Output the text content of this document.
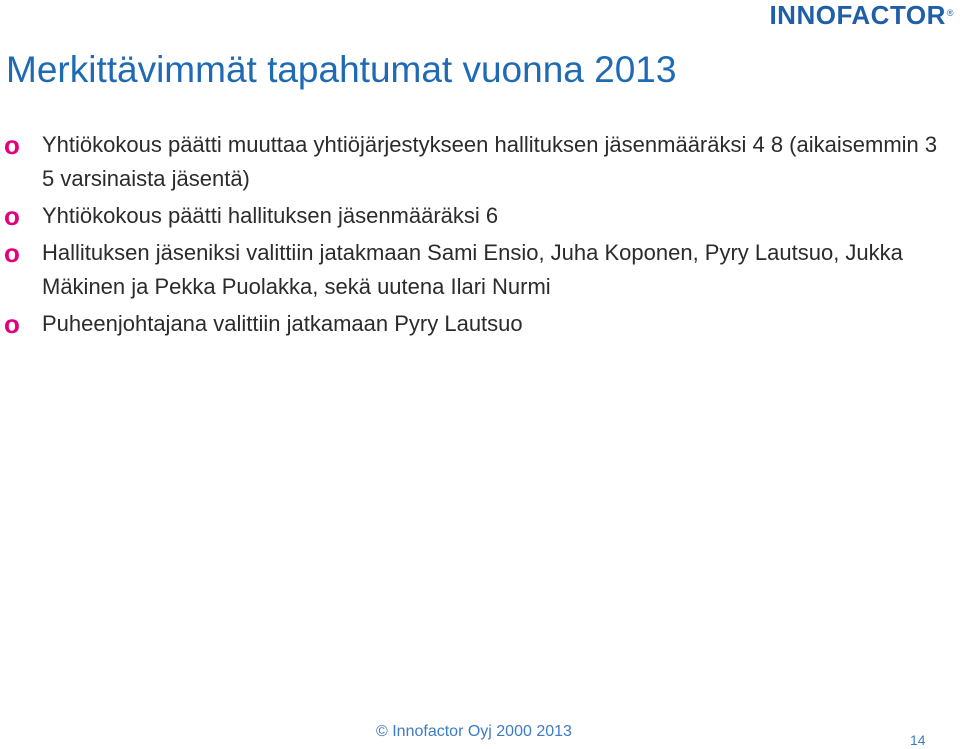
INNOFACTOR®
Merkittävimmät tapahtumat vuonna 2013
o Yhtiökokous päätti muuttaa yhtiöjärjestykseen hallituksen jäsenmääräksi 4 8 (aikaisemmin 3 5 varsinaista jäsentä)
o Yhtiökokous päätti hallituksen jäsenmääräksi 6
o Hallituksen jäseniksi valittiin jatakmaan Sami Ensio, Juha Koponen, Pyry Lautsuo, Jukka Mäkinen ja Pekka Puolakka, sekä uutena Ilari Nurmi
o Puheenjohtajana valittiin jatkamaan Pyry Lautsuo
© Innofactor Oyj 2000 2013	14
